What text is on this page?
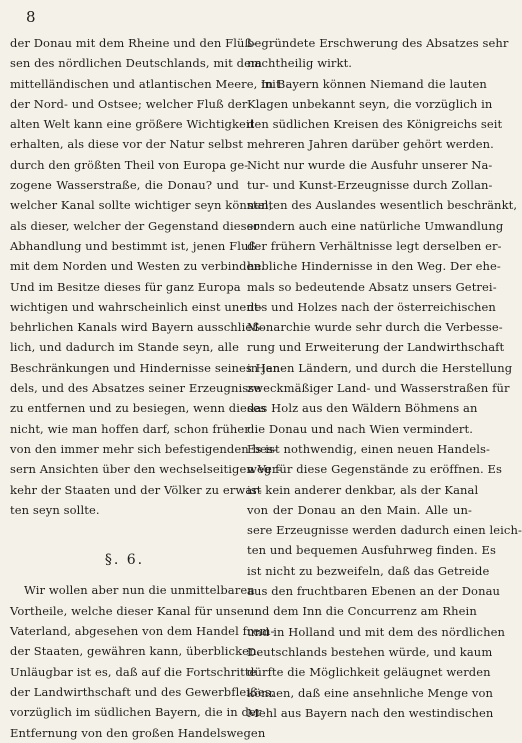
8
der Donau mit dem Rheine und den Flüß-
sen des nördlichen Deutschlands, mit dem
mittelländischen und atlantischen Meere, mit
der Nord- und Ostsee; welcher Fluß der
alten Welt kann eine größere Wichtigkeit
erhalten, als diese vor der Natur selbst
durch den größten Theil von Europa ge-
zogene Wasserstraße, die Donau? und
welcher Kanal sollte wichtiger seyn können,
als dieser, welcher der Gegenstand dieser
Abhandlung und bestimmt ist, jenen Fluß
mit dem Norden und Westen zu verbinden.
Und im Besitze dieses für ganz Europa
wichtigen und wahrscheinlich einst unent-
behrlichen Kanals wird Bayern ausschließ-
lich, und dadurch im Stande seyn, alle
Beschränkungen und Hindernisse seines Han-
dels, und des Absatzes seiner Erzeugnisse
zu entfernen und zu besiegen, wenn dieses
nicht, wie man hoffen darf, schon früher
von den immer mehr sich befestigenden bes-
sern Ansichten über den wechselseitigen Ver-
kehr der Staaten und der Völker zu erwar-
ten seyn sollte.
§. 6.
Wir wollen aber nun die unmittelbaren
Vortheile, welche dieser Kanal für unser
Vaterland, abgesehen von dem Handel frem-
der Staaten, gewähren kann, überblicken.
Unläugbar ist es, daß auf die Fortschritte
der Landwirthschaft und des Gewerbfleißes,
vorzüglich im südlichen Bayern, die in der
Entfernung von den großen Handelswegen
begründete Erschwerung des Absatzes sehr
nachtheilig wirkt.
In Bayern können Niemand die lauten
Klagen unbekannt seyn, die vorzüglich in
den südlichen Kreisen des Königreichs seit
mehreren Jahren darüber gehört werden.
Nicht nur wurde die Ausfuhr unserer Na-
tur- und Kunst-Erzeugnisse durch Zollan-
stalten des Auslandes wesentlich beschränkt,
sondern auch eine natürliche Umwandlung
der frühern Verhältnisse legt derselben er-
hebliche Hindernisse in den Weg. Der ehe-
mals so bedeutende Absatz unsers Getrei-
des und Holzes nach der österreichischen
Monarchie wurde sehr durch die Verbesse-
rung und Erweiterung der Landwirthschaft
in jenen Ländern, und durch die Herstellung
zweckmäßiger Land- und Wasserstraßen für
das Holz aus den Wäldern Böhmens an
die Donau und nach Wien vermindert.
Es ist nothwendig, einen neuen Handels-
weg für diese Gegenstände zu eröffnen. Es
ist kein anderer denkbar, als der Kanal
von der Donau an den Main. Alle un-
sere Erzeugnisse werden dadurch einen leich-
ten und bequemen Ausfuhrweg finden. Es
ist nicht zu bezweifeln, daß das Getreide
aus den fruchtbaren Ebenen an der Donau
und dem Inn die Concurrenz am Rhein
und in Holland und mit dem des nördlichen
Deutschlands bestehen würde, und kaum
dürfte die Möglichkeit geläugnet werden
können, daß eine ansehnliche Menge von
Mehl aus Bayern nach den westindischen
